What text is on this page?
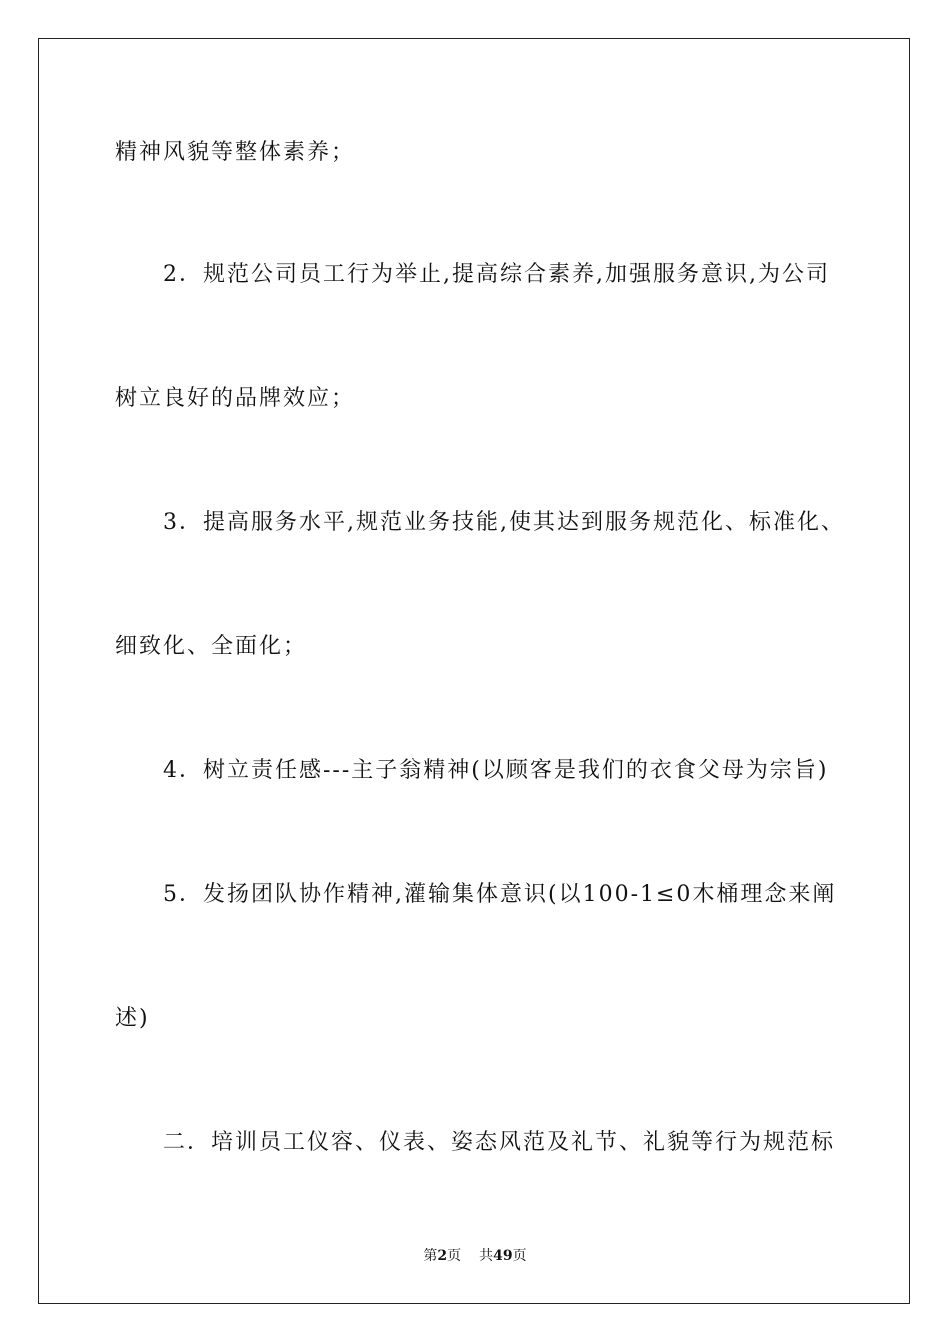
精神风貌等整体素养；

2．规范公司员工行为举止,提高综合素养,加强服务意识,为公司

树立良好的品牌效应；

3．提高服务水平,规范业务技能,使其达到服务规范化、标准化、

细致化、全面化；

4．树立责任感---主子翁精神(以顾客是我们的衣食父母为宗旨)

5．发扬团队协作精神,灌输集体意识(以100-1≤0木桶理念来阐

述)

二．培训员工仪容、仪表、姿态风范及礼节、礼貌等行为规范标

第2页 共49页
